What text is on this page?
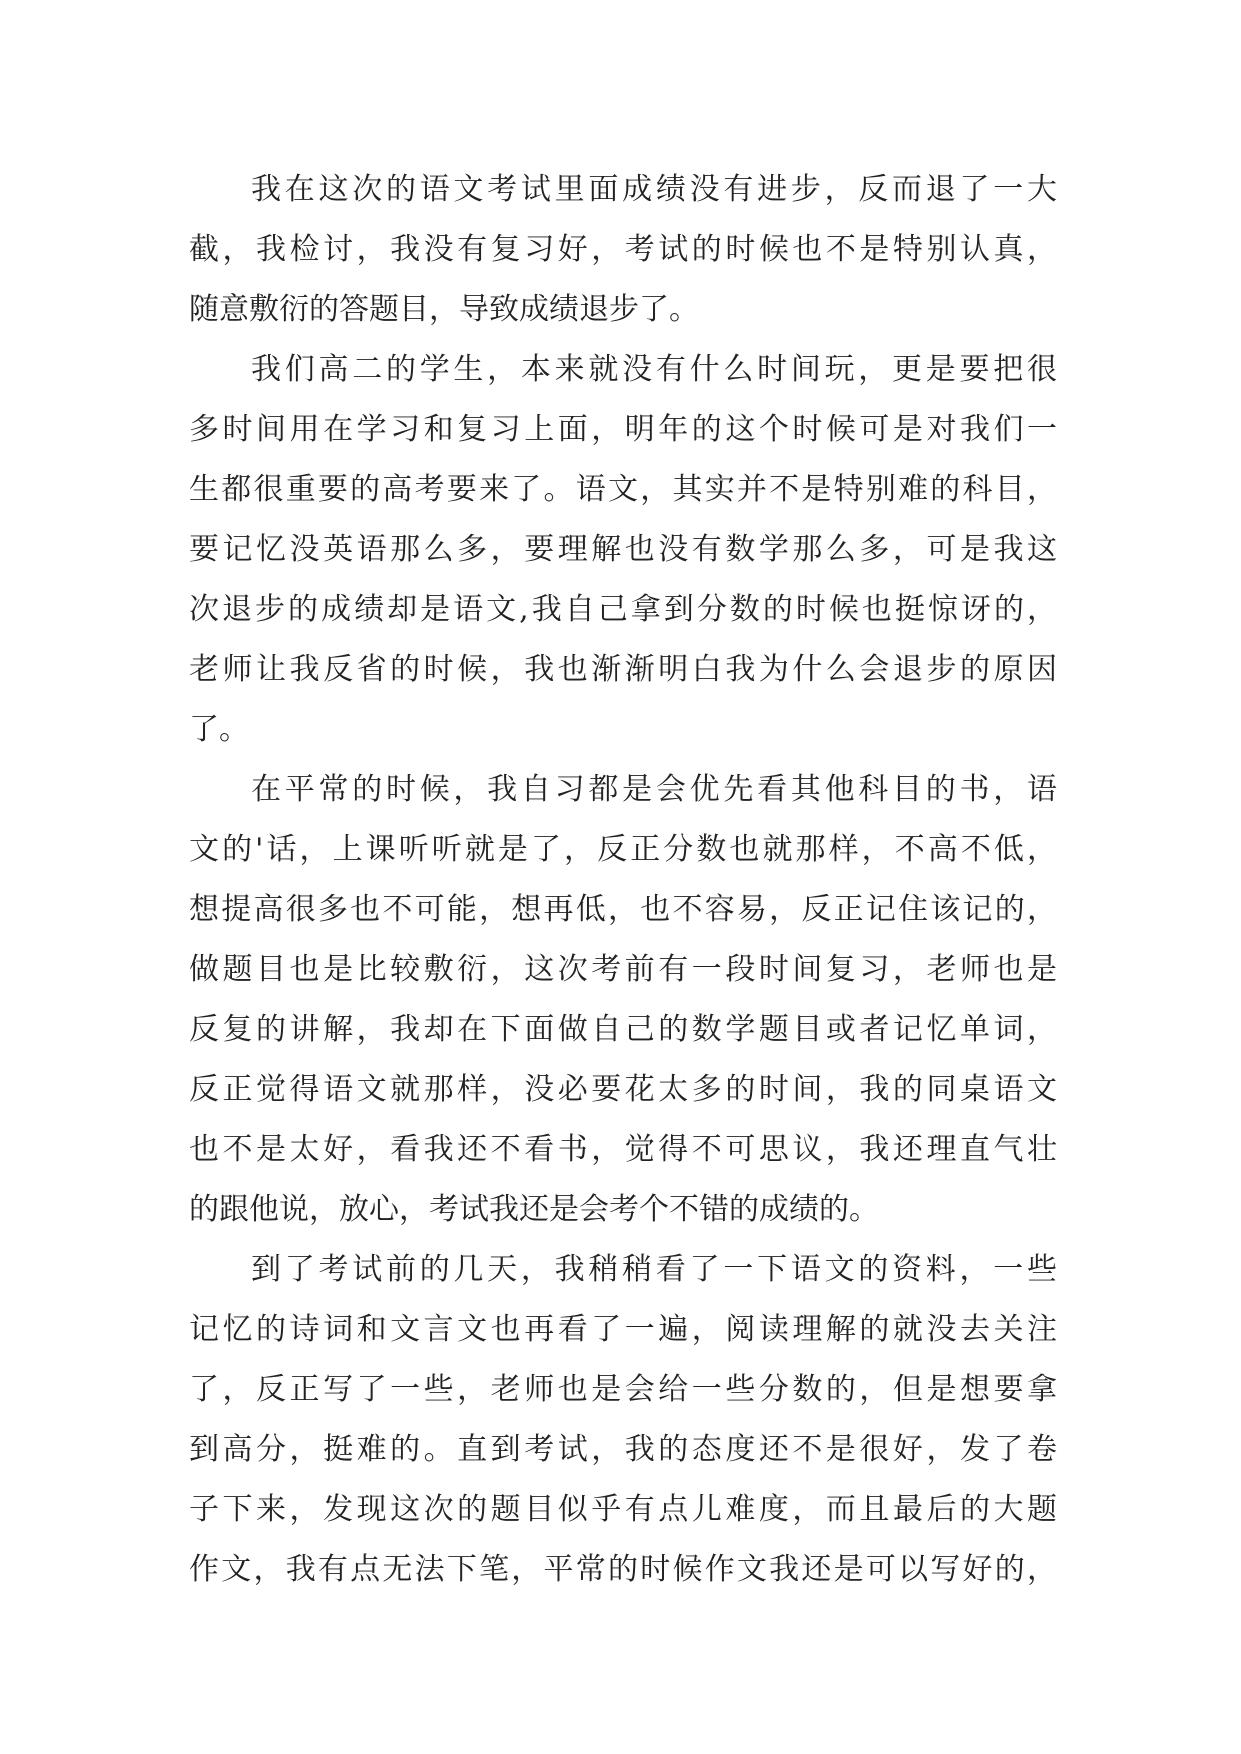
我在这次的语文考试里面成绩没有进步，反而退了一大
截，我检讨，我没有复习好，考试的时候也不是特别认真，
随意敷衍的答题目，导致成绩退步了。
我们高二的学生，本来就没有什么时间玩，更是要把很
多时间用在学习和复习上面，明年的这个时候可是对我们一
生都很重要的高考要来了。语文，其实并不是特别难的科目，
要记忆没英语那么多，要理解也没有数学那么多，可是我这
次退步的成绩却是语文,我自己拿到分数的时候也挺惊讶的，
老师让我反省的时候，我也渐渐明白我为什么会退步的原因
了。
在平常的时候，我自习都是会优先看其他科目的书，语
文的'话，上课听听就是了，反正分数也就那样，不高不低，
想提高很多也不可能，想再低，也不容易，反正记住该记的，
做题目也是比较敷衍，这次考前有一段时间复习，老师也是
反复的讲解，我却在下面做自己的数学题目或者记忆单词，
反正觉得语文就那样，没必要花太多的时间，我的同桌语文
也不是太好，看我还不看书，觉得不可思议，我还理直气壮
的跟他说，放心，考试我还是会考个不错的成绩的。
到了考试前的几天，我稍稍看了一下语文的资料，一些
记忆的诗词和文言文也再看了一遍，阅读理解的就没去关注
了，反正写了一些，老师也是会给一些分数的，但是想要拿
到高分，挺难的。直到考试，我的态度还不是很好，发了卷
子下来，发现这次的题目似乎有点儿难度，而且最后的大题
作文，我有点无法下笔，平常的时候作文我还是可以写好的，
